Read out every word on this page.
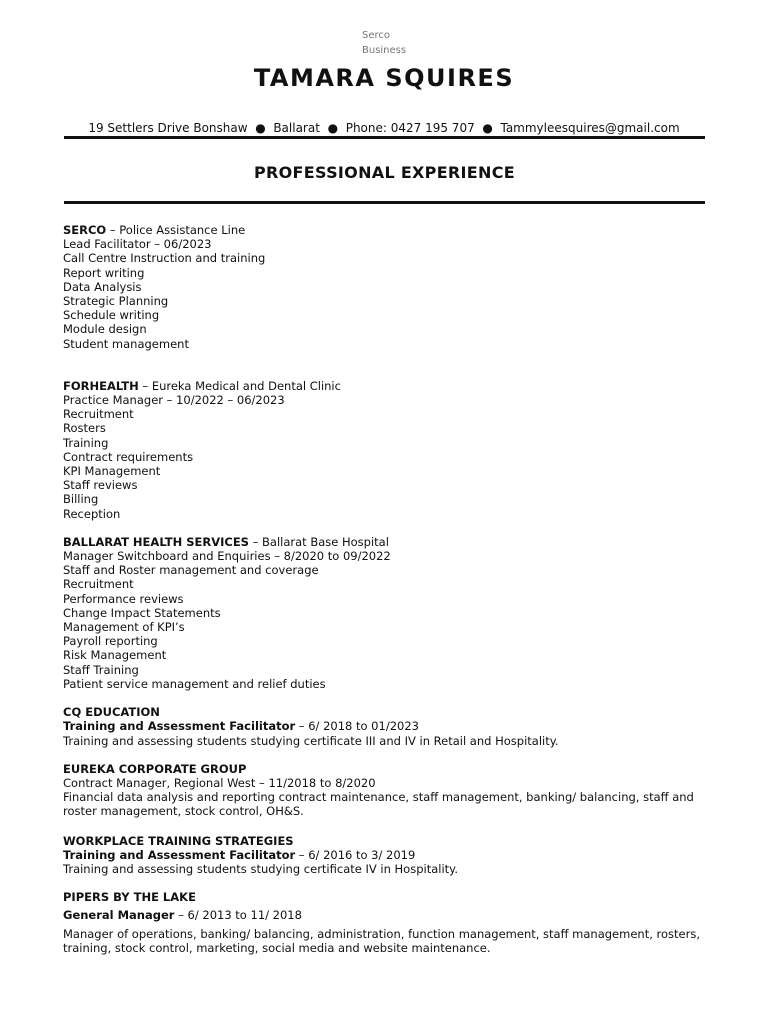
Serco
Business
TAMARA SQUIRES
19 Settlers Drive Bonshaw ● Ballarat ● Phone: 0427 195 707 ● Tammyleesquires@gmail.com
PROFESSIONAL EXPERIENCE
SERCO – Police Assistance Line
Lead Facilitator – 06/2023
Call Centre Instruction and training
Report writing
Data Analysis
Strategic Planning
Schedule writing
Module design
Student management
FORHEALTH – Eureka Medical and Dental Clinic
Practice Manager – 10/2022 – 06/2023
Recruitment
Rosters
Training
Contract requirements
KPI Management
Staff reviews
Billing
Reception
BALLARAT HEALTH SERVICES – Ballarat Base Hospital
Manager Switchboard and Enquiries – 8/2020 to 09/2022
Staff and Roster management and coverage
Recruitment
Performance reviews
Change Impact Statements
Management of KPI’s
Payroll reporting
Risk Management
Staff Training
Patient service management and relief duties
CQ EDUCATION
Training and Assessment Facilitator – 6/ 2018 to 01/2023
Training and assessing students studying certificate III and IV in Retail and Hospitality.
EUREKA CORPORATE GROUP
Contract Manager, Regional West – 11/2018 to 8/2020
Financial data analysis and reporting contract maintenance, staff management, banking/ balancing, staff and roster management, stock control, OH&S.
WORKPLACE TRAINING STRATEGIES
Training and Assessment Facilitator – 6/ 2016 to 3/ 2019
Training and assessing students studying certificate IV in Hospitality.
PIPERS BY THE LAKE
General Manager – 6/ 2013 to 11/ 2018
Manager of operations, banking/ balancing, administration, function management, staff management, rosters, training, stock control, marketing, social media and website maintenance.
